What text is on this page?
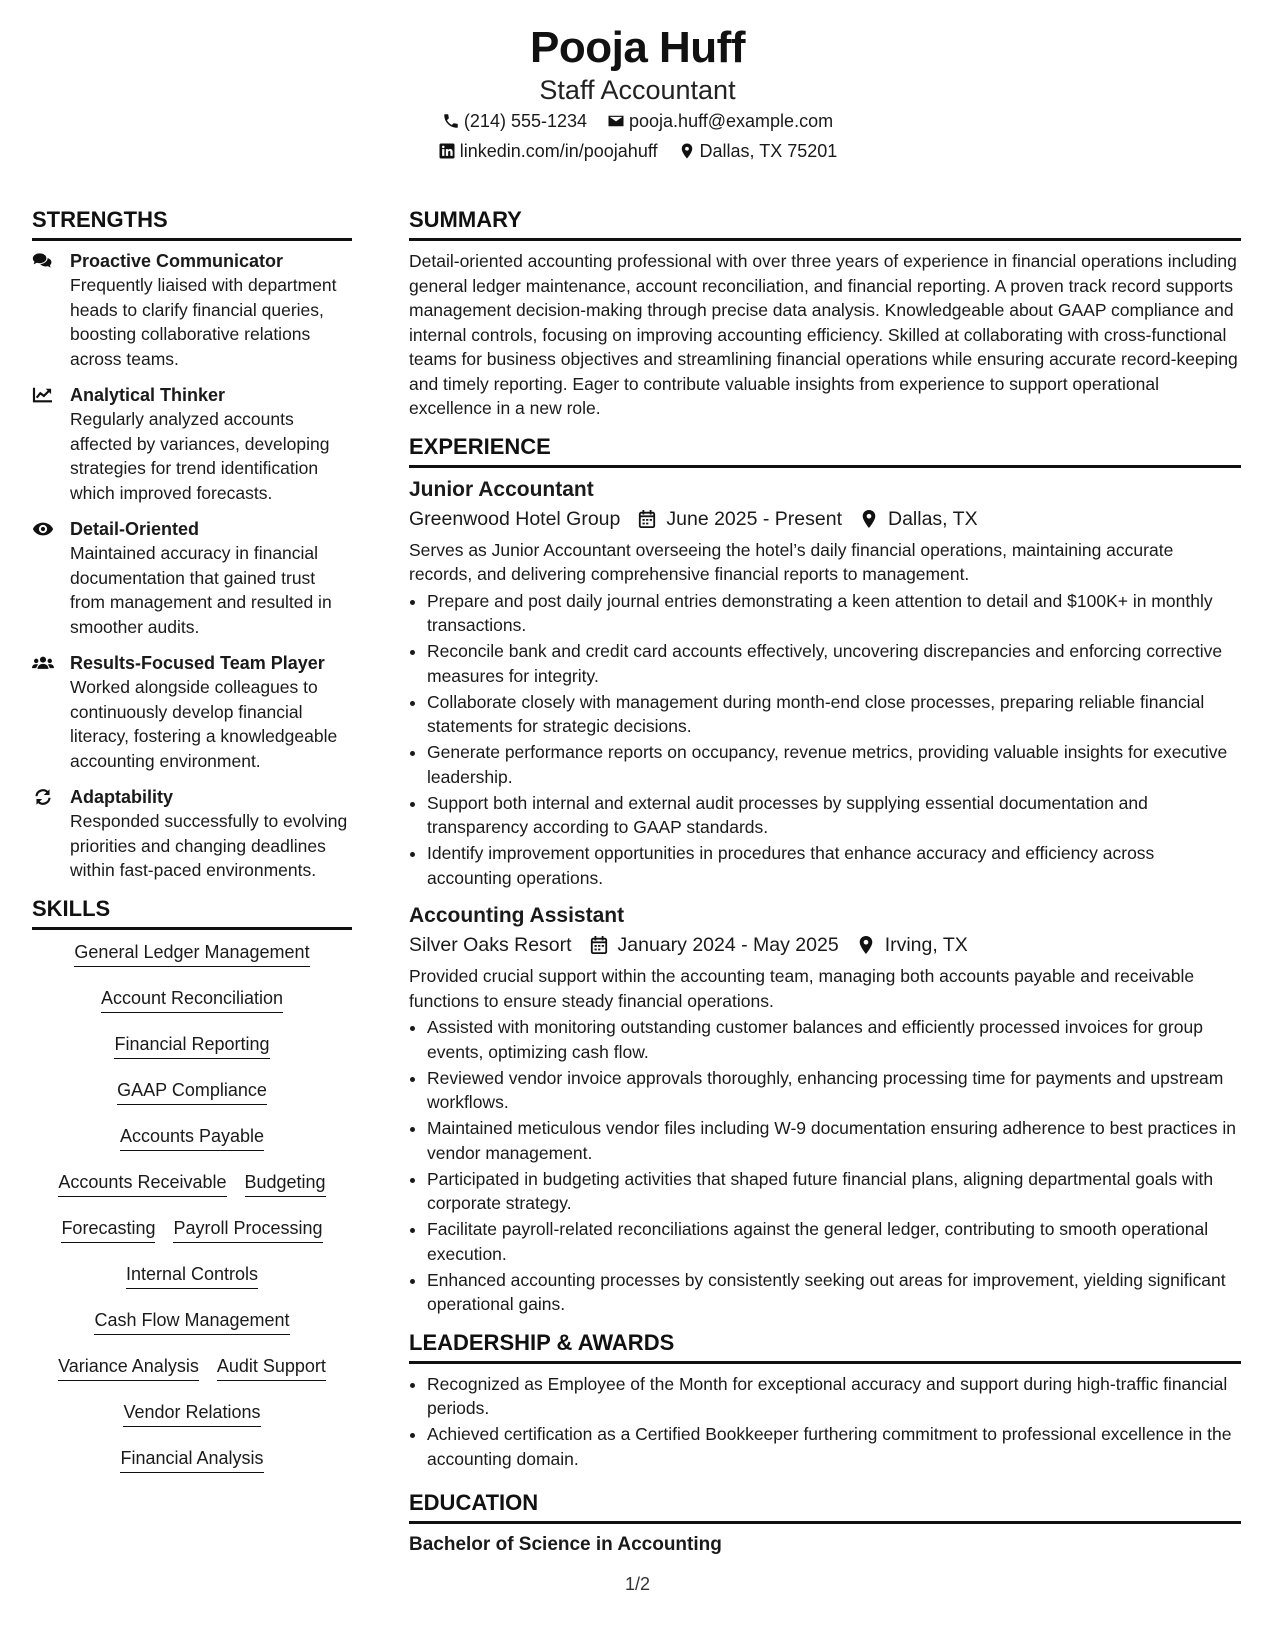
Pooja Huff
Staff Accountant
(214) 555-1234 pooja.huff@example.com
linkedin.com/in/poojahuff Dallas, TX 75201
STRENGTHS
Proactive Communicator
Frequently liaised with department heads to clarify financial queries, boosting collaborative relations across teams.
Analytical Thinker
Regularly analyzed accounts affected by variances, developing strategies for trend identification which improved forecasts.
Detail-Oriented
Maintained accuracy in financial documentation that gained trust from management and resulted in smoother audits.
Results-Focused Team Player
Worked alongside colleagues to continuously develop financial literacy, fostering a knowledgeable accounting environment.
Adaptability
Responded successfully to evolving priorities and changing deadlines within fast-paced environments.
SKILLS
General Ledger Management
Account Reconciliation
Financial Reporting
GAAP Compliance
Accounts Payable
Accounts Receivable Budgeting
Forecasting Payroll Processing
Internal Controls
Cash Flow Management
Variance Analysis Audit Support
Vendor Relations
Financial Analysis
SUMMARY

Detail-oriented accounting professional with over three years of experience in financial operations including general ledger maintenance, account reconciliation, and financial reporting. A proven track record supports management decision-making through precise data analysis. Knowledgeable about GAAP compliance and internal controls, focusing on improving accounting efficiency. Skilled at collaborating with cross-functional teams for business objectives and streamlining financial operations while ensuring accurate record-keeping and timely reporting. Eager to contribute valuable insights from experience to support operational excellence in a new role.

EXPERIENCE
Junior Accountant
Greenwood Hotel Group June 2025 - Present Dallas, TX

Serves as Junior Accountant overseeing the hotel’s daily financial operations, maintaining accurate records, and delivering comprehensive financial reports to management.

• Prepare and post daily journal entries demonstrating a keen attention to detail and $100K+ in monthly transactions.
• Reconcile bank and credit card accounts effectively, uncovering discrepancies and enforcing corrective measures for integrity.
• Collaborate closely with management during month-end close processes, preparing reliable financial statements for strategic decisions.
• Generate performance reports on occupancy, revenue metrics, providing valuable insights for executive leadership.
• Support both internal and external audit processes by supplying essential documentation and transparency according to GAAP standards.
• Identify improvement opportunities in procedures that enhance accuracy and efficiency across accounting operations.
Accounting Assistant
Silver Oaks Resort January 2024 - May 2025 Irving, TX

Provided crucial support within the accounting team, managing both accounts payable and receivable functions to ensure steady financial operations.

• Assisted with monitoring outstanding customer balances and efficiently processed invoices for group events, optimizing cash flow.
• Reviewed vendor invoice approvals thoroughly, enhancing processing time for payments and upstream workflows.
• Maintained meticulous vendor files including W-9 documentation ensuring adherence to best practices in vendor management.
• Participated in budgeting activities that shaped future financial plans, aligning departmental goals with corporate strategy.
• Facilitate payroll-related reconciliations against the general ledger, contributing to smooth operational execution.
• Enhanced accounting processes by consistently seeking out areas for improvement, yielding significant operational gains.
LEADERSHIP & AWARDS
• Recognized as Employee of the Month for exceptional accuracy and support during high-traffic financial periods.
• Achieved certification as a Certified Bookkeeper furthering commitment to professional excellence in the accounting domain.
EDUCATION
Bachelor of Science in Accounting
1/2
